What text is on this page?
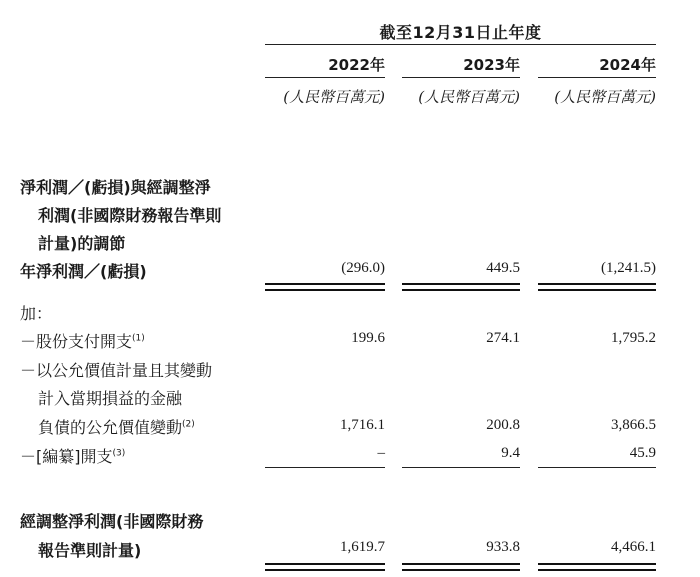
截至12月31日止年度
2022年	2023年	2024年
(人民幣百萬元)	(人民幣百萬元)	(人民幣百萬元)
淨利潤／(虧損)與經調整淨
利潤(非國際財務報告準則
計量)的調節
年淨利潤／(虧損)	(296.0)	449.5	(1,241.5)
加：
－股份支付開支$^{(1)}$	199.6	274.1	1,795.2
－以公允價值計量且其變動
計入當期損益的金融
負債的公允價值變動$^{(2)}$	1,716.1	200.8	3,866.5
－[編纂]開支$^{(3)}$	–	9.4	45.9
經調整淨利潤(非國際財務
報告準則計量)	1,619.7	933.8	4,466.1
